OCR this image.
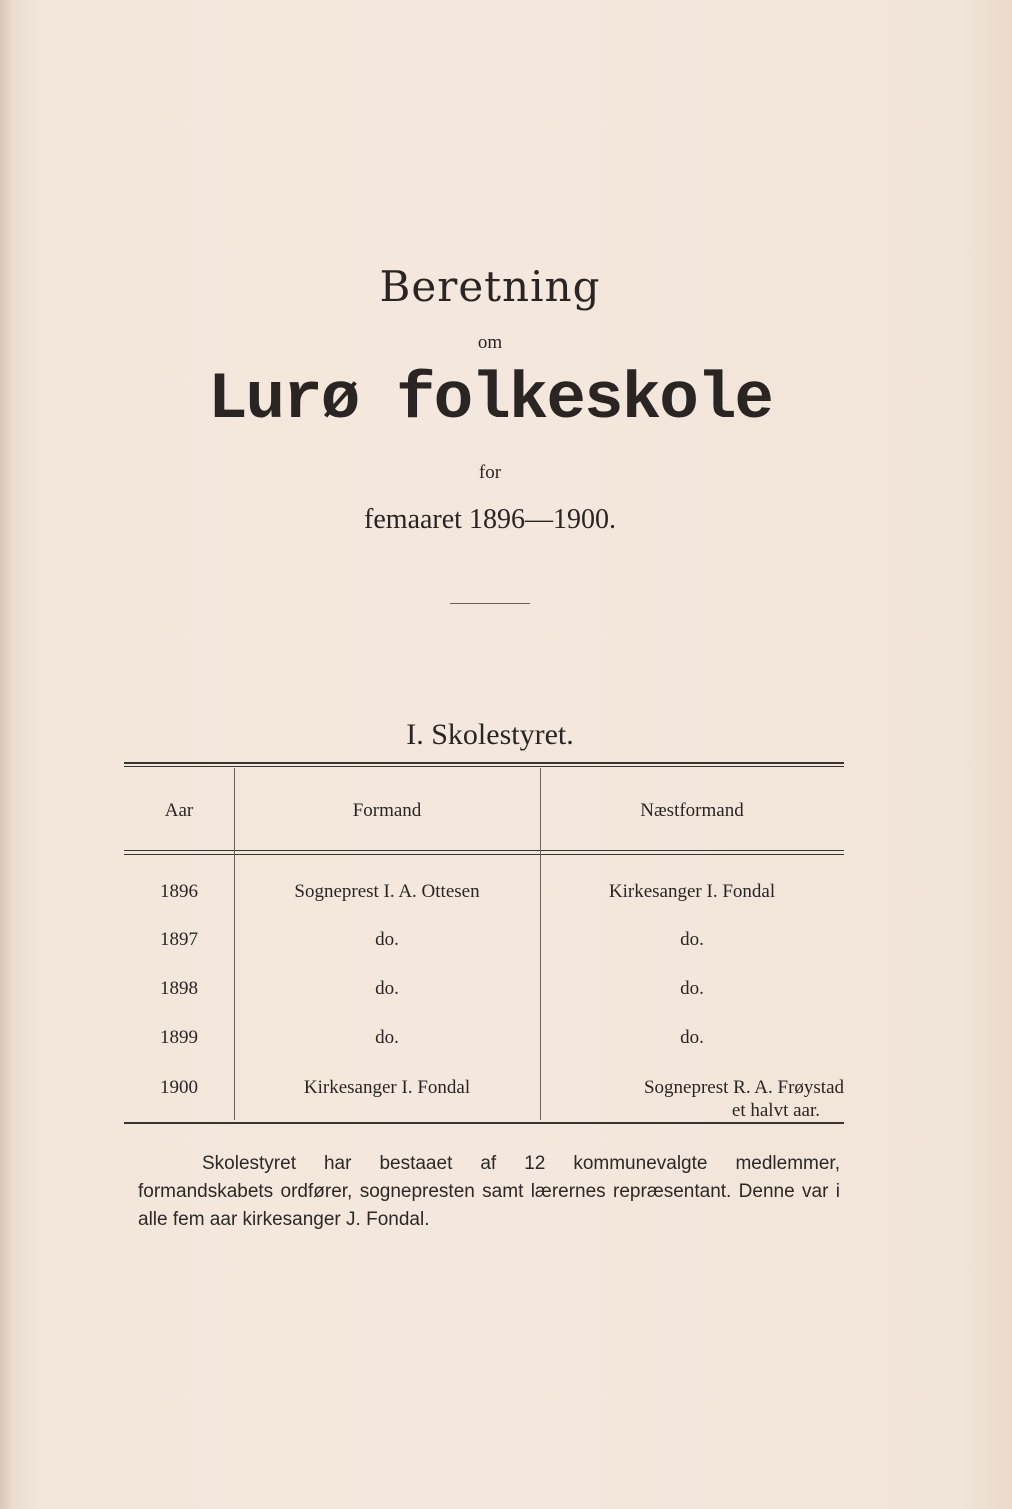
Beretning
om
Lurø folkeskole
for
femaaret 1896—1900.
I. Skolestyret.
Aar	Formand	Næstformand
1896	Sogneprest I. A. Ottesen	Kirkesanger I. Fondal
1897	do.	do.
1898	do.	do.
1899	do.	do.
1900	Kirkesanger I. Fondal	Sogneprest R. A. Frøystad
et halvt aar.
Skolestyret har bestaaet af 12 kommunevalgte medlemmer, formandskabets ordfører, sognepresten samt lærernes repræsentant. Denne var i alle fem aar kirkesanger J. Fondal.
